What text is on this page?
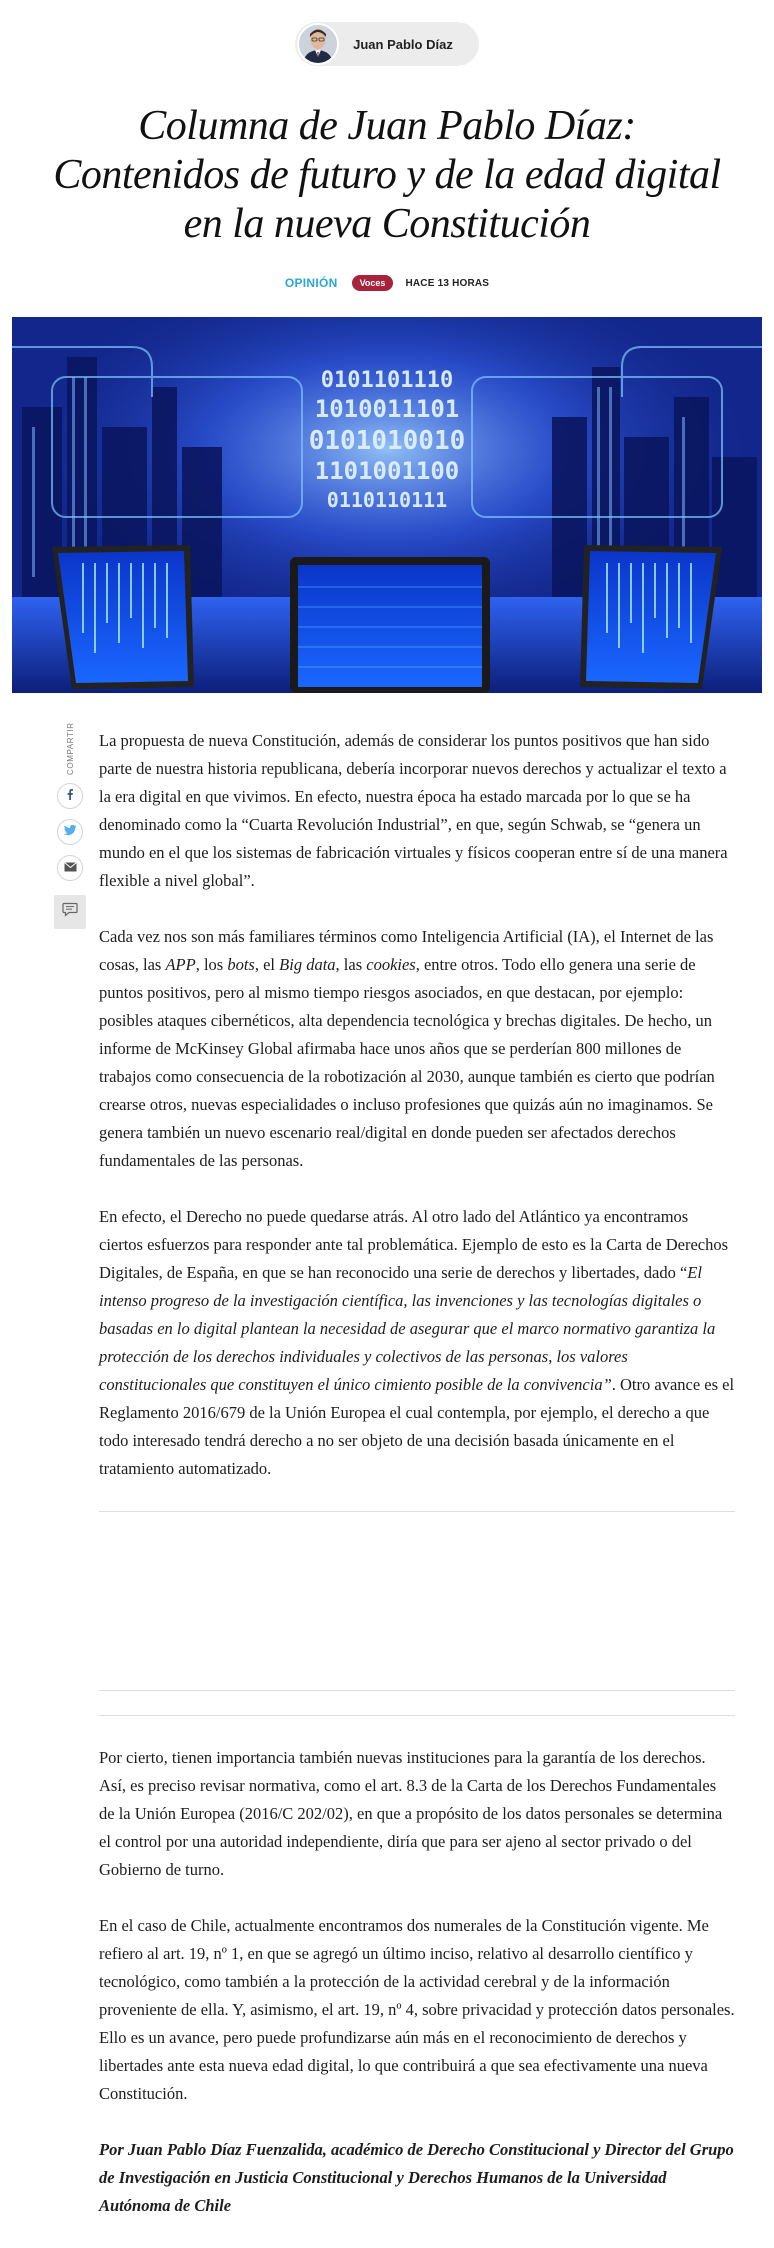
Juan Pablo Díaz
Columna de Juan Pablo Díaz: Contenidos de futuro y de la edad digital en la nueva Constitución
OPINIÓN	Voces	HACE 13 HORAS
0101101110
1010011101
0101010010
1101001100
0110110111
COMPARTIR La propuesta de nueva Constitución, además de considerar los puntos positivos que han sido parte de nuestra historia republicana, debería incorporar nuevos derechos y actualizar el texto a la era digital en que vivimos. En efecto, nuestra época ha estado marcada por lo que se ha denominado como la “Cuarta Revolución Industrial”, en que, según Schwab, se “genera un mundo en el que los sistemas de fabricación virtuales y físicos cooperan entre sí de una manera flexible a nivel global”.

Cada vez nos son más familiares términos como Inteligencia Artificial (IA), el Internet de las cosas, las APP, los bots, el Big data, las cookies, entre otros. Todo ello genera una serie de puntos positivos, pero al mismo tiempo riesgos asociados, en que destacan, por ejemplo: posibles ataques cibernéticos, alta dependencia tecnológica y brechas digitales. De hecho, un informe de McKinsey Global afirmaba hace unos años que se perderían 800 millones de trabajos como consecuencia de la robotización al 2030, aunque también es cierto que podrían crearse otros, nuevas especialidades o incluso profesiones que quizás aún no imaginamos. Se genera también un nuevo escenario real/digital en donde pueden ser afectados derechos fundamentales de las personas.

En efecto, el Derecho no puede quedarse atrás. Al otro lado del Atlántico ya encontramos ciertos esfuerzos para responder ante tal problemática. Ejemplo de esto es la Carta de Derechos Digitales, de España, en que se han reconocido una serie de derechos y libertades, dado “El intenso progreso de la investigación científica, las invenciones y las tecnologías digitales o basadas en lo digital plantean la necesidad de asegurar que el marco normativo garantiza la protección de los derechos individuales y colectivos de las personas, los valores constitucionales que constituyen el único cimiento posible de la convivencia”. Otro avance es el Reglamento 2016/679 de la Unión Europea el cual contempla, por ejemplo, el derecho a que todo interesado tendrá derecho a no ser objeto de una decisión basada únicamente en el tratamiento automatizado.

Por cierto, tienen importancia también nuevas instituciones para la garantía de los derechos. Así, es preciso revisar normativa, como el art. 8.3 de la Carta de los Derechos Fundamentales de la Unión Europea (2016/C 202/02), en que a propósito de los datos personales se determina el control por una autoridad independiente, diría que para ser ajeno al sector privado o del Gobierno de turno.

En el caso de Chile, actualmente encontramos dos numerales de la Constitución vigente. Me refiero al art. 19, nº 1, en que se agregó un último inciso, relativo al desarrollo científico y tecnológico, como también a la protección de la actividad cerebral y de la información proveniente de ella. Y, asimismo, el art. 19, nº 4, sobre privacidad y protección datos personales. Ello es un avance, pero puede profundizarse aún más en el reconocimiento de derechos y libertades ante esta nueva edad digital, lo que contribuirá a que sea efectivamente una nueva Constitución.

Por Juan Pablo Díaz Fuenzalida, académico de Derecho Constitucional y Director del Grupo de Investigación en Justicia Constitucional y Derechos Humanos de la Universidad Autónoma de Chile
